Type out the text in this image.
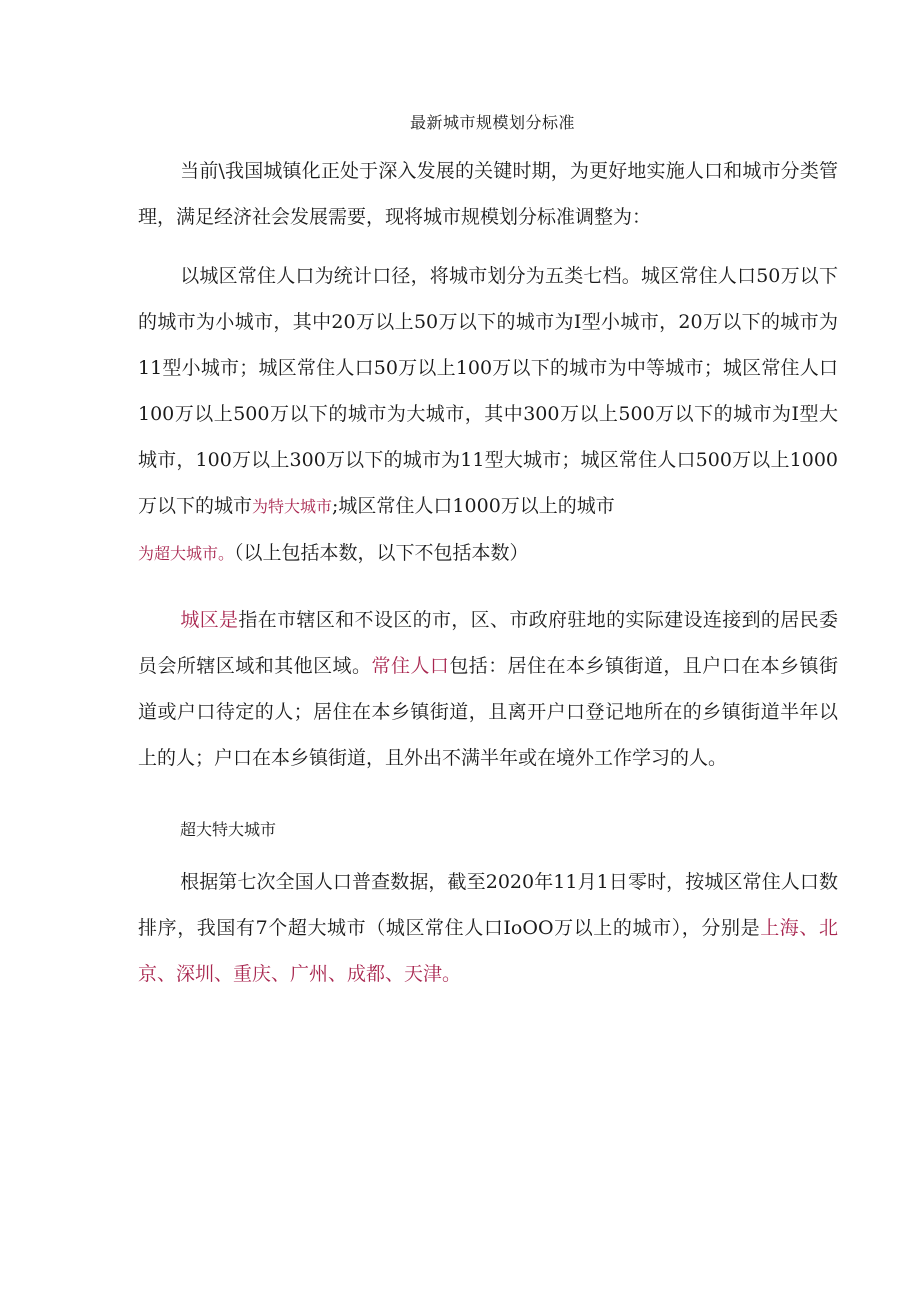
最新城市规模划分标准

当前\我国城镇化正处于深入发展的关键时期，为更好地实施人口和城市分类管理，满足经济社会发展需要，现将城市规模划分标准调整为：

以城区常住人口为统计口径，将城市划分为五类七档。城区常住人口50万以下的城市为小城市，其中20万以上50万以下的城市为I型小城市，20万以下的城市为11型小城市；城区常住人口50万以上100万以下的城市为中等城市；城区常住人口100万以上500万以下的城市为大城市，其中300万以上500万以下的城市为I型大城市，100万以上300万以下的城市为11型大城市；城区常住人口500万以上1000万以下的城市为特大城市;城区常住人口1000万以上的城市
为超大城市。（以上包括本数，以下不包括本数）

城区是指在市辖区和不设区的市，区、市政府驻地的实际建设连接到的居民委员会所辖区域和其他区域。常住人口包括：居住在本乡镇街道，且户口在本乡镇街道或户口待定的人；居住在本乡镇街道，且离开户口登记地所在的乡镇街道半年以上的人；户口在本乡镇街道，且外出不满半年或在境外工作学习的人。

超大特大城市

根据第七次全国人口普查数据，截至2020年11月1日零时，按城区常住人口数排序，我国有7个超大城市（城区常住人口IoOO万以上的城市），分别是上海、北京、深圳、重庆、广州、成都、天津。
